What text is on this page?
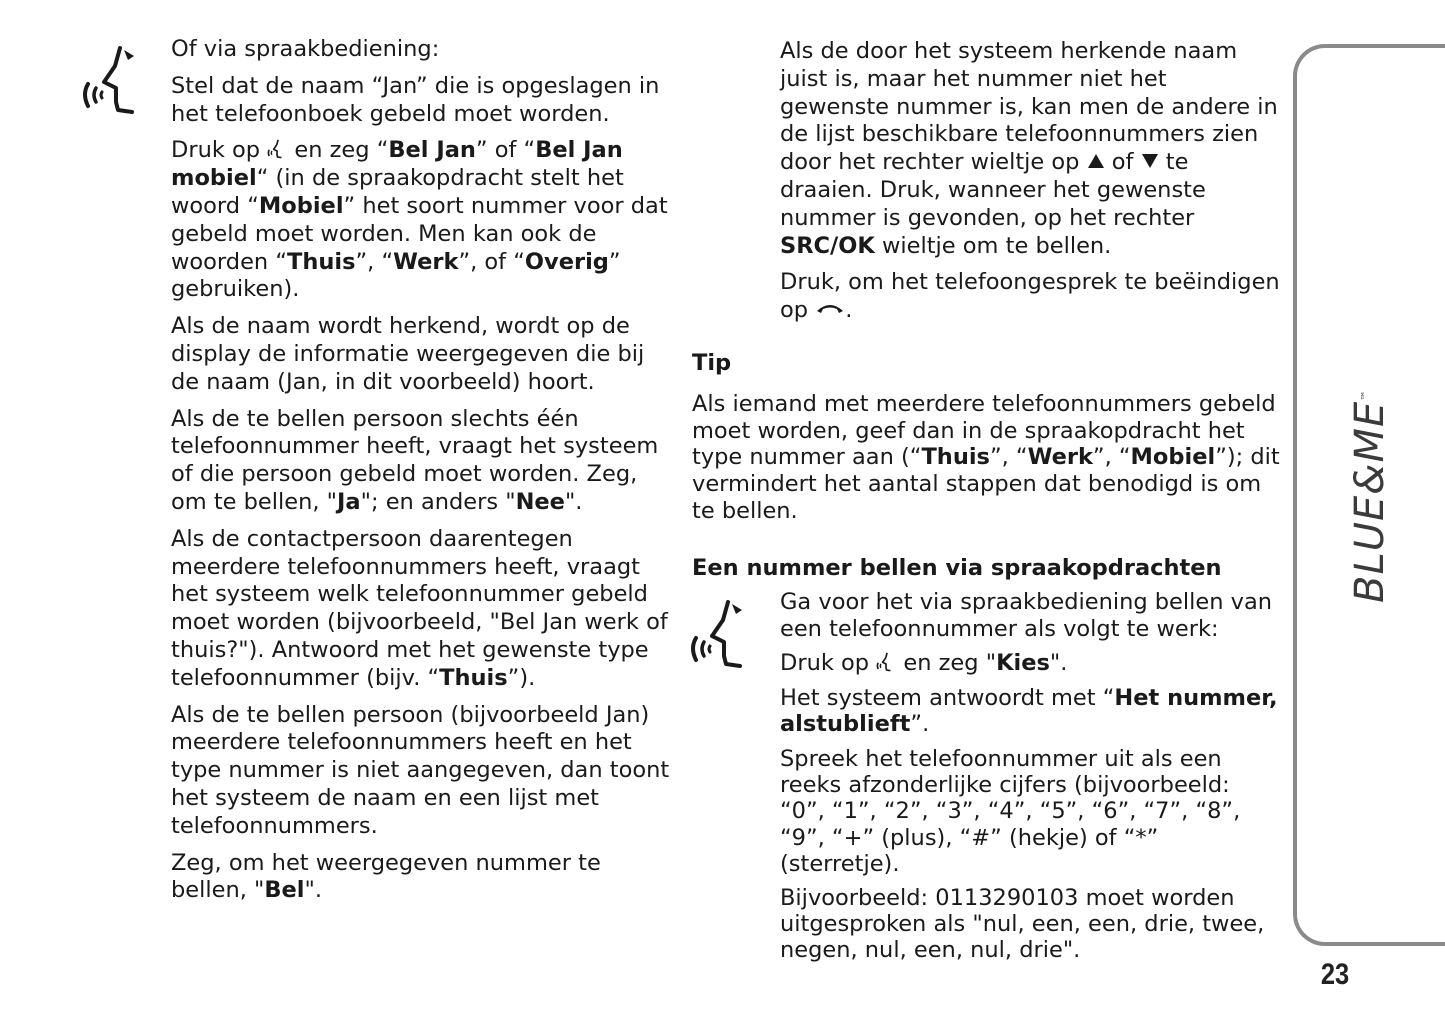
Of via spraakbediening:

Stel dat de naam “Jan” die is opgeslagen in het telefoonboek gebeld moet worden.

Druk op  en zeg “Bel Jan” of “Bel Jan mobiel“ (in de spraakopdracht stelt het woord “Mobiel” het soort nummer voor dat gebeld moet worden. Men kan ook de woorden “Thuis”, “Werk”, of “Overig” gebruiken).

Als de naam wordt herkend, wordt op de display de informatie weergegeven die bij de naam (Jan, in dit voorbeeld) hoort.

Als de te bellen persoon slechts één telefoonnummer heeft, vraagt het systeem of die persoon gebeld moet worden. Zeg, om te bellen, "Ja"; en anders "Nee".

Als de contactpersoon daarentegen meerdere telefoonnummers heeft, vraagt het systeem welk telefoonnummer gebeld moet worden (bijvoorbeeld, "Bel Jan werk of thuis?"). Antwoord met het gewenste type telefoonnummer (bijv. “Thuis”).

Als de te bellen persoon (bijvoorbeeld Jan) meerdere telefoonnummers heeft en het type nummer is niet aangegeven, dan toont het systeem de naam en een lijst met telefoonnummers.

Zeg, om het weergegeven nummer te bellen, "Bel".

Als de door het systeem herkende naam juist is, maar het nummer niet het gewenste nummer is, kan men de andere in de lijst beschikbare telefoonnummers zien door het rechter wieltje op  of  te draaien. Druk, wanneer het gewenste nummer is gevonden, op het rechter SRC/OK wieltje om te bellen.

Druk, om het telefoongesprek te beëindigen op .

Tip

Als iemand met meerdere telefoonnummers gebeld moet worden, geef dan in de spraakopdracht het type nummer aan (“Thuis”, “Werk”, “Mobiel”); dit vermindert het aantal stappen dat benodigd is om te bellen.

Een nummer bellen via spraakopdrachten

Ga voor het via spraakbediening bellen van een telefoonnummer als volgt te werk:

Druk op  en zeg "Kies".

Het systeem antwoordt met “Het nummer, alstublieft”.

Spreek het telefoonnummer uit als een reeks afzonderlijke cijfers (bijvoorbeeld: “0”, “1”, “2”, “3”, “4”, “5”, “6”, “7”, “8”, “9”, “+” (plus), “#” (hekje) of “*” (sterretje).

Bijvoorbeeld: 0113290103 moet worden uitgesproken als "nul, een, een, drie, twee, negen, nul, een, nul, drie".

BLUE&ME™
23
